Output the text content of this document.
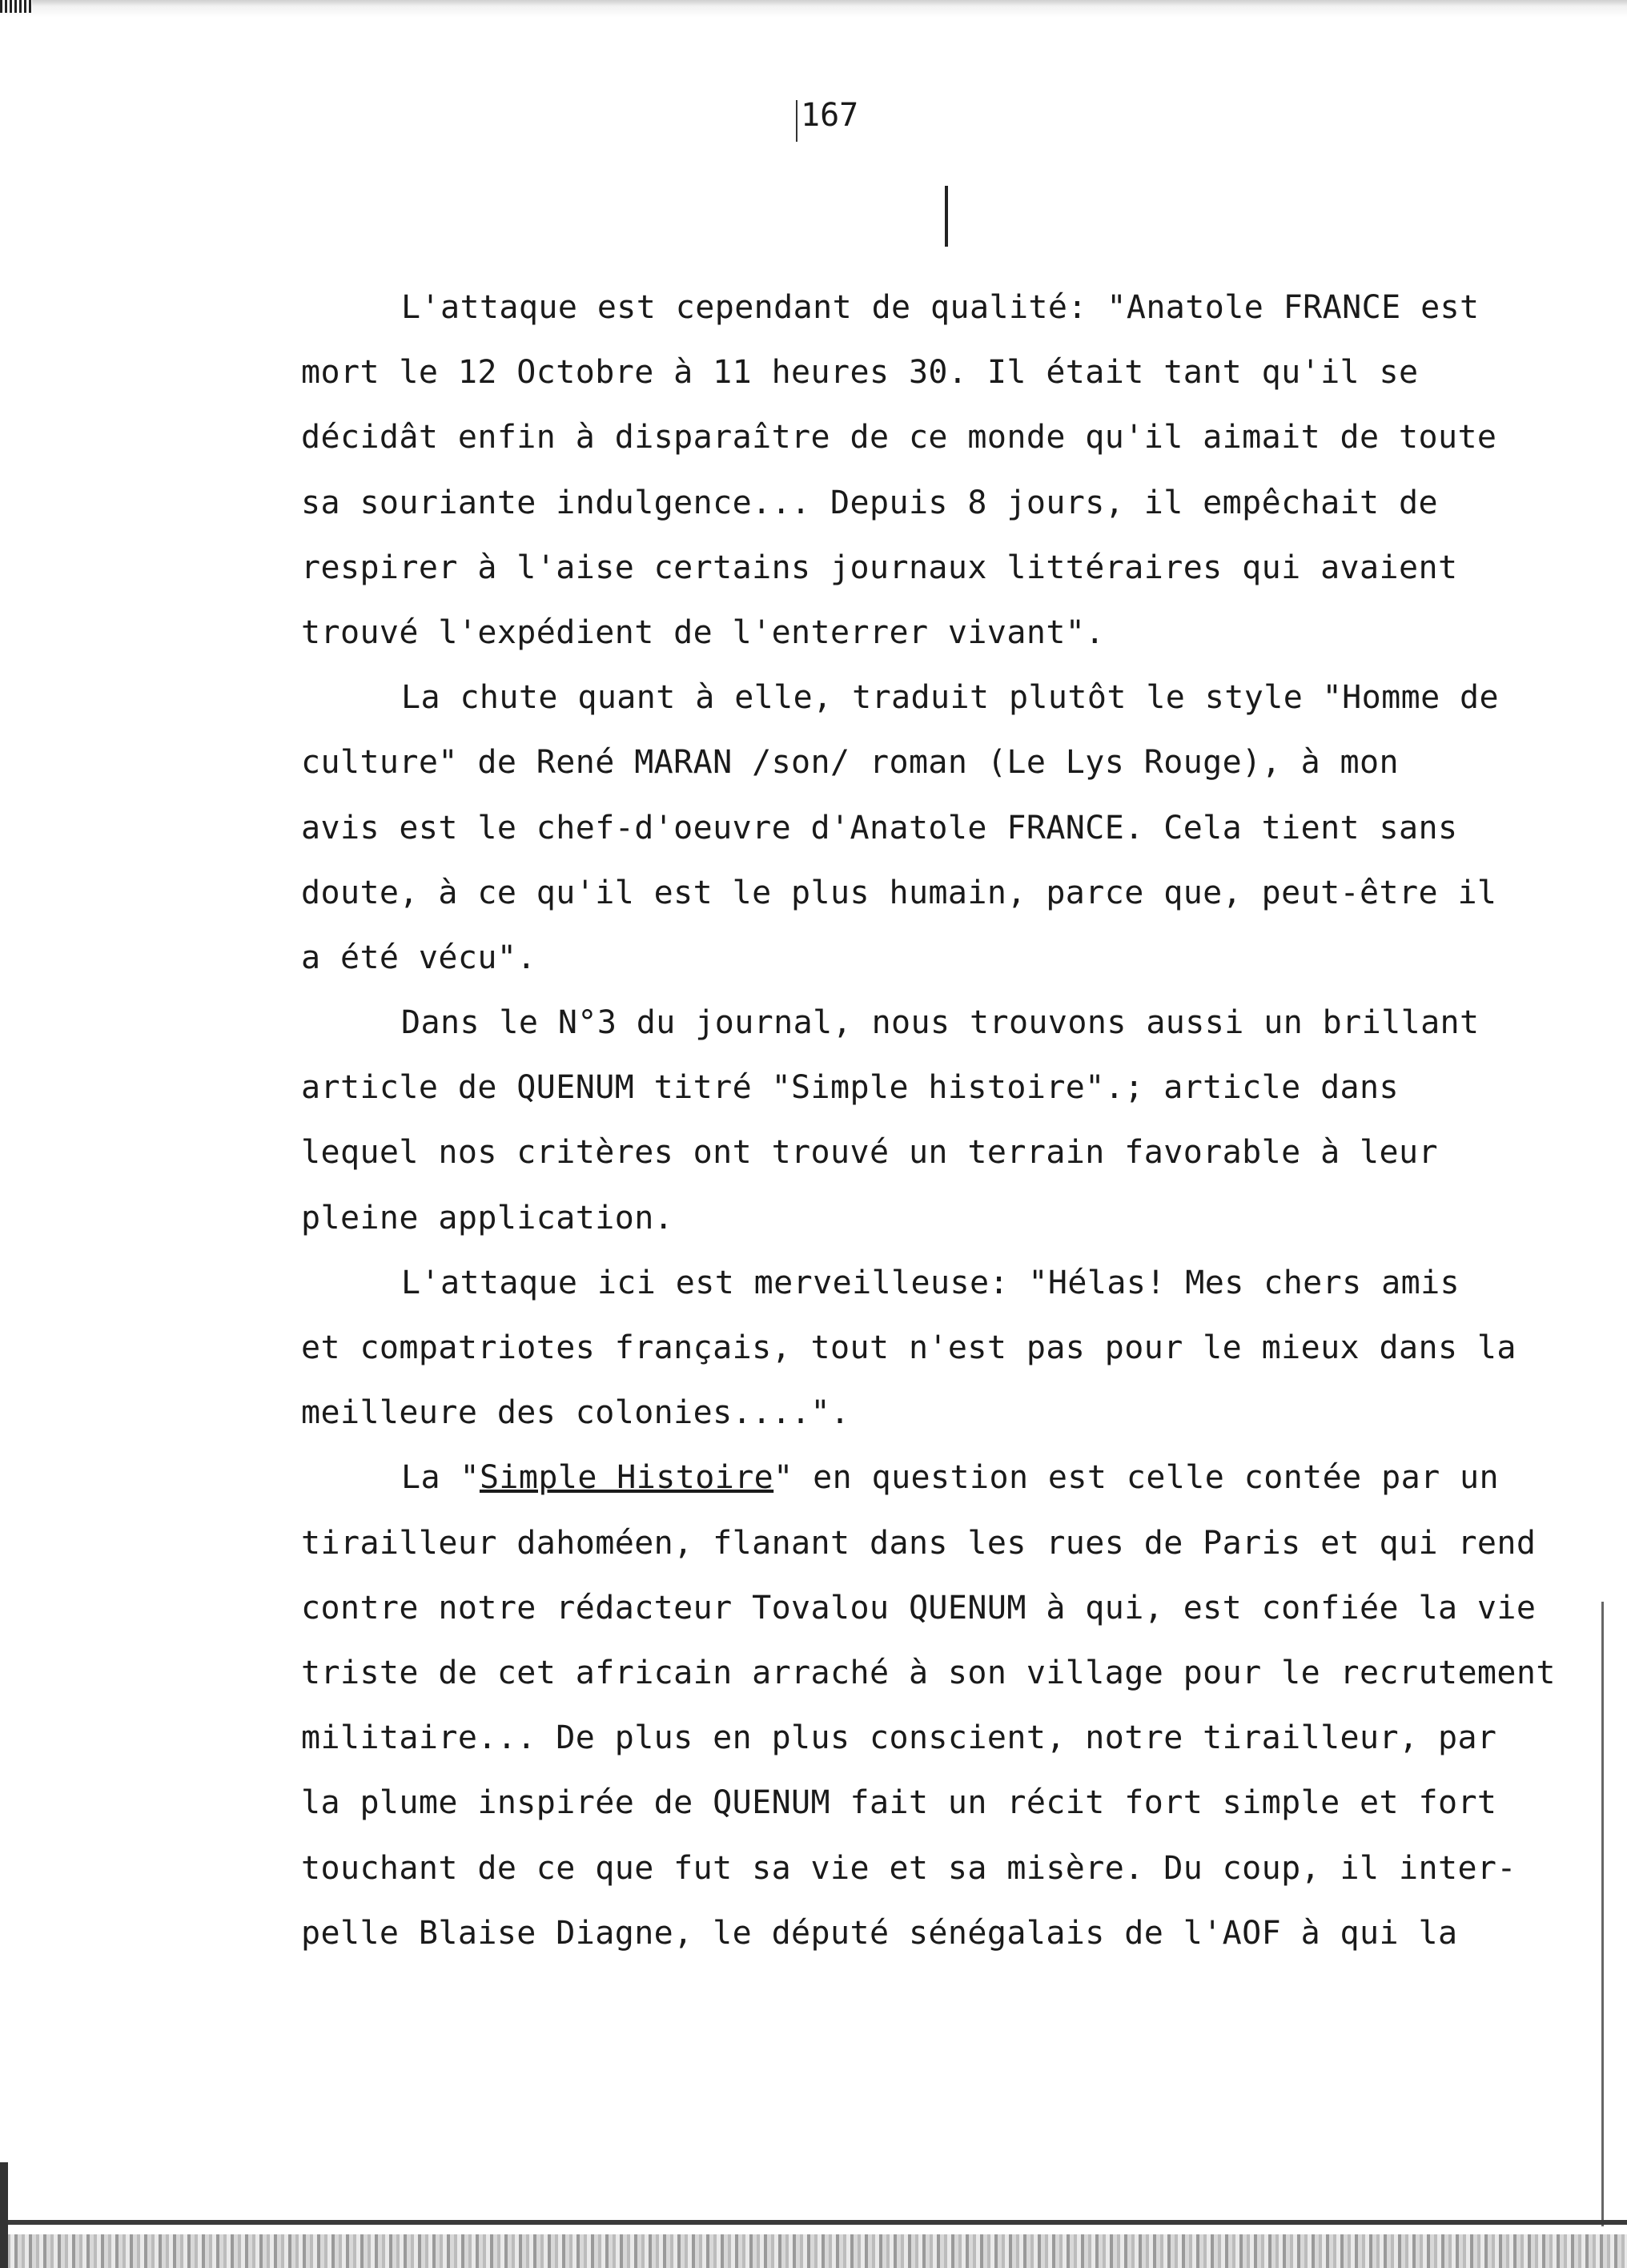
167
L'attaque est cependant de qualité: "Anatole FRANCE est
mort le 12 Octobre à 11 heures 30. Il était tant qu'il se
décidât enfin à disparaître de ce monde qu'il aimait de toute
sa souriante indulgence... Depuis 8 jours, il empêchait de
respirer à l'aise certains journaux littéraires qui avaient
trouvé l'expédient de l'enterrer vivant".
La chute quant à elle, traduit plutôt le style "Homme de
culture" de René MARAN /son/ roman (Le Lys Rouge), à mon
avis est le chef-d'oeuvre d'Anatole FRANCE. Cela tient sans
doute, à ce qu'il est le plus humain, parce que, peut-être il
a été vécu".
Dans le N°3 du journal, nous trouvons aussi un brillant
article de QUENUM titré "Simple histoire".; article dans
lequel nos critères ont trouvé un terrain favorable à leur
pleine application.
L'attaque ici est merveilleuse: "Hélas! Mes chers amis
et compatriotes français, tout n'est pas pour le mieux dans la
meilleure des colonies....".
La "Simple Histoire" en question est celle contée par un
tirailleur dahoméen, flanant dans les rues de Paris et qui rend
contre notre rédacteur Tovalou QUENUM à qui, est confiée la vie
triste de cet africain arraché à son village pour le recrutement
militaire... De plus en plus conscient, notre tirailleur, par
la plume inspirée de QUENUM fait un récit fort simple et fort
touchant de ce que fut sa vie et sa misère. Du coup, il inter-
pelle Blaise Diagne, le député sénégalais de l'AOF à qui la
